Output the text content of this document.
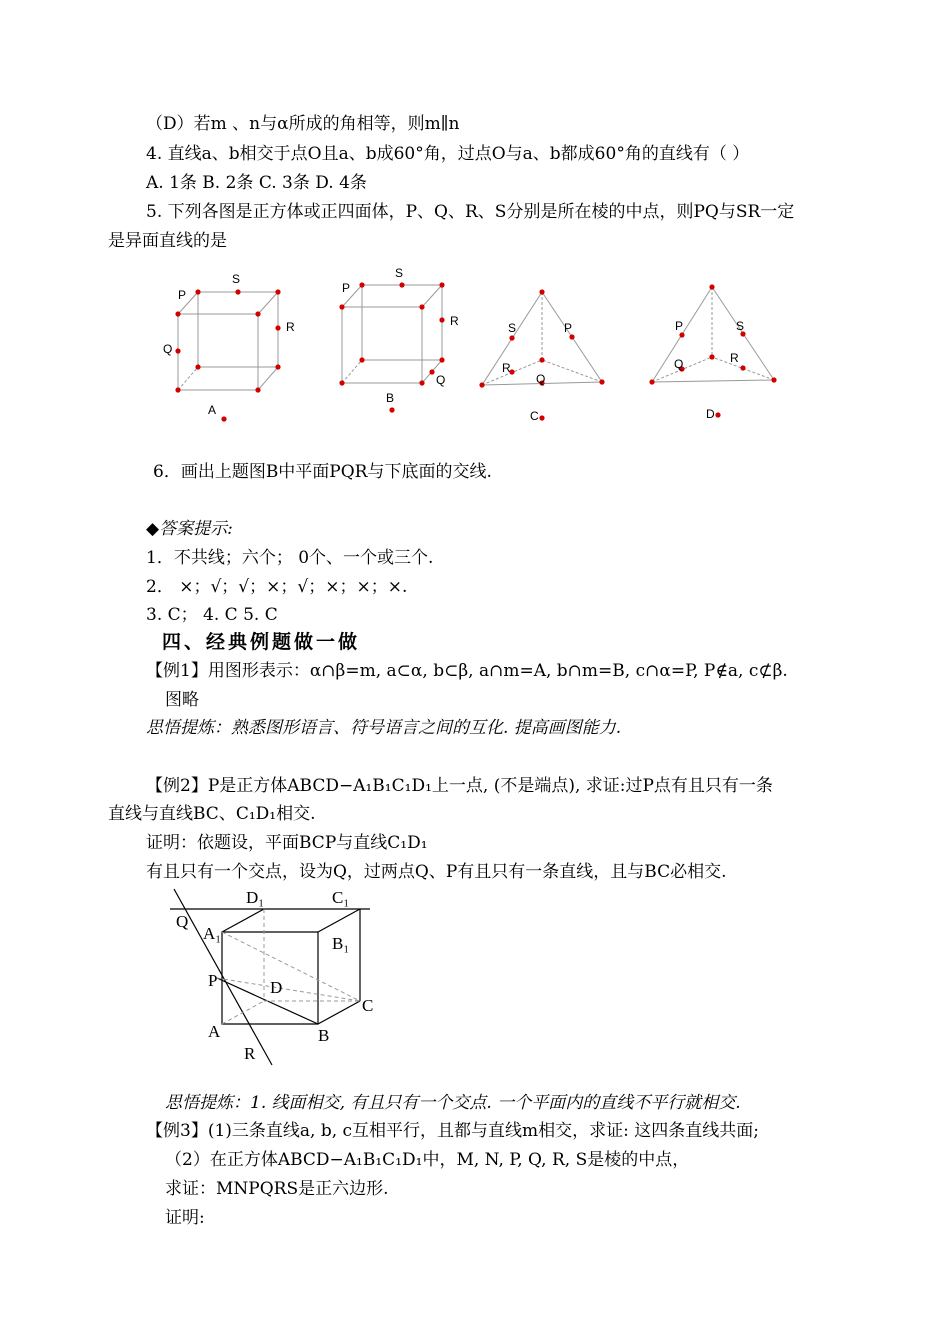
（D）若m 、n与α所成的角相等，则m∥n
4. 直线a、b相交于点O且a、b成60°角，过点O与a、b都成60°角的直线有（ ）
A. 1条 B. 2条 C. 3条 D. 4条
5. 下列各图是正方体或正四面体，P、Q、R、S分别是所在棱的中点，则PQ与SR一定
是异面直线的是
P
S
R
Q
A
P
S
R
Q
B
S	P
R
Q
C
P	S
Q	R
D
6．画出上题图B中平面PQR与下底面的交线.
◆答案提示:
1．不共线；六个； 0个、一个或三个.
2． ×；√；√；×；√；×；×；×.
3. C； 4. C 5. C
四、经典例题做一做
【例1】用图形表示：α∩β=m, a⊂α, b⊂β, a∩m=A, b∩m=B, c∩α=P, P∉a, c⊄β.
图略
思悟提炼：熟悉图形语言、符号语言之间的互化. 提高画图能力.
【例2】P是正方体ABCD−A₁B₁C₁D₁上一点, (不是端点), 求证:过P点有且只有一条
直线与直线BC、C₁D₁相交.
证明：依题设，平面BCP与直线C₁D₁
有且只有一个交点，设为Q，过两点Q、P有且只有一条直线，且与BC必相交.
D₁	C₁
Q
A₁
B₁
P	D
C
A	B
R
思悟提炼：1. 线面相交, 有且只有一个交点. 一个平面内的直线不平行就相交.
【例3】(1)三条直线a, b, c互相平行，且都与直线m相交，求证: 这四条直线共面;
（2）在正方体ABCD−A₁B₁C₁D₁中，M, N, P, Q, R, S是棱的中点，
求证：MNPQRS是正六边形.
证明:
